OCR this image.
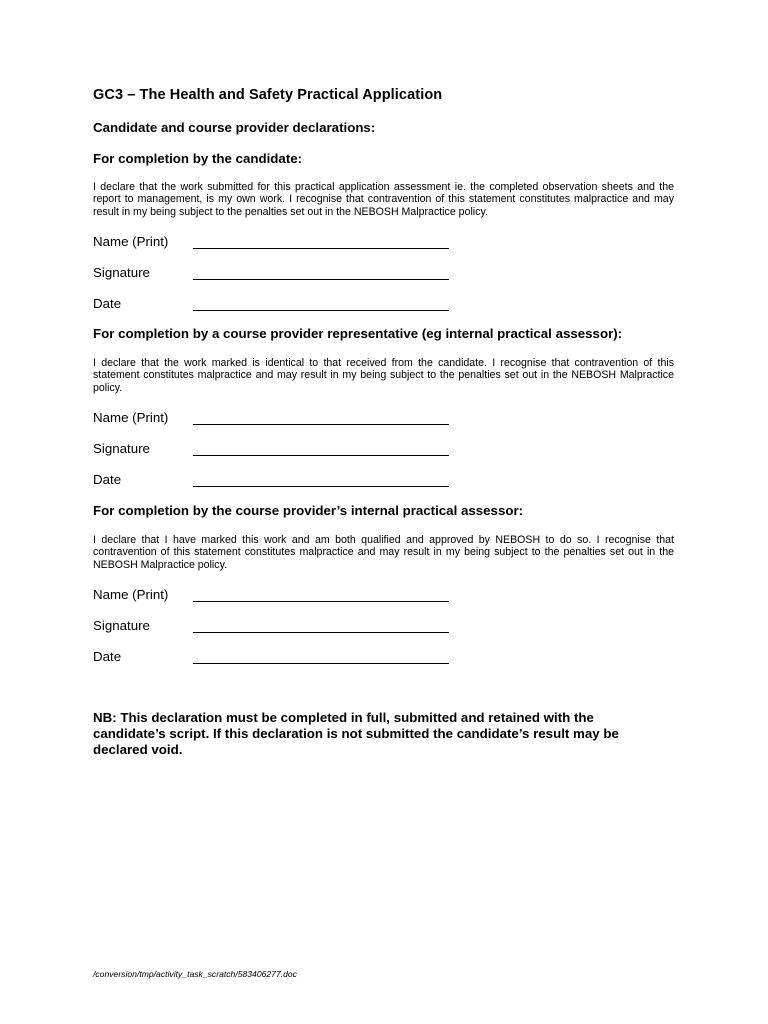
GC3 – The Health and Safety Practical Application
Candidate and course provider declarations:
For completion by the candidate:
I declare that the work submitted for this practical application assessment ie. the completed observation sheets and the report to management, is my own work. I recognise that contravention of this statement constitutes malpractice and may result in my being subject to the penalties set out in the NEBOSH Malpractice policy.
Name (Print)
Signature
Date
For completion by a course provider representative (eg internal practical assessor):
I declare that the work marked is identical to that received from the candidate. I recognise that contravention of this statement constitutes malpractice and may result in my being subject to the penalties set out in the NEBOSH Malpractice policy.
Name (Print)
Signature
Date
For completion by the course provider’s internal practical assessor:
I declare that I have marked this work and am both qualified and approved by NEBOSH to do so. I recognise that contravention of this statement constitutes malpractice and may result in my being subject to the penalties set out in the NEBOSH Malpractice policy.
Name (Print)
Signature
Date
NB: This declaration must be completed in full, submitted and retained with the candidate’s script. If this declaration is not submitted the candidate’s result may be declared void.
/conversion/tmp/activity_task_scratch/583406277.doc
